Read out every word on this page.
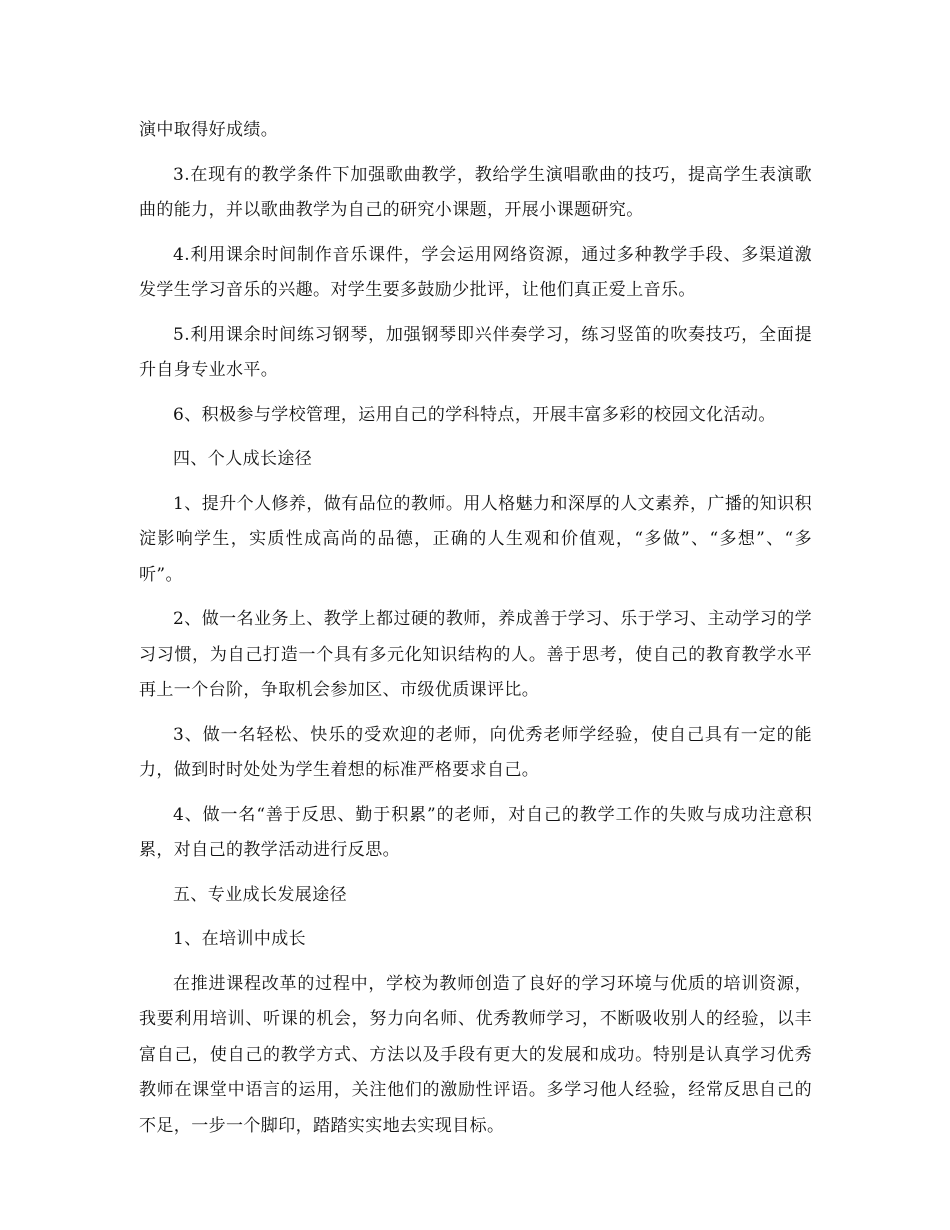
演中取得好成绩。

3.在现有的教学条件下加强歌曲教学，教给学生演唱歌曲的技巧，提高学生表演歌曲的能力，并以歌曲教学为自己的研究小课题，开展小课题研究。

4.利用课余时间制作音乐课件，学会运用网络资源，通过多种教学手段、多渠道激发学生学习音乐的兴趣。对学生要多鼓励少批评，让他们真正爱上音乐。

5.利用课余时间练习钢琴，加强钢琴即兴伴奏学习，练习竖笛的吹奏技巧，全面提升自身专业水平。

6、积极参与学校管理，运用自己的学科特点，开展丰富多彩的校园文化活动。

四、个人成长途径

1、提升个人修养，做有品位的教师。用人格魅力和深厚的人文素养，广播的知识积淀影响学生，实质性成高尚的品德，正确的人生观和价值观，“多做”、“多想”、“多听”。

2、做一名业务上、教学上都过硬的教师，养成善于学习、乐于学习、主动学习的学习习惯，为自己打造一个具有多元化知识结构的人。善于思考，使自己的教育教学水平再上一个台阶，争取机会参加区、市级优质课评比。

3、做一名轻松、快乐的受欢迎的老师，向优秀老师学经验，使自己具有一定的能力，做到时时处处为学生着想的标准严格要求自己。

4、做一名“善于反思、勤于积累”的老师，对自己的教学工作的失败与成功注意积累，对自己的教学活动进行反思。

五、专业成长发展途径

1、在培训中成长

在推进课程改革的过程中，学校为教师创造了良好的学习环境与优质的培训资源，我要利用培训、听课的机会，努力向名师、优秀教师学习，不断吸收别人的经验，以丰富自己，使自己的教学方式、方法以及手段有更大的发展和成功。特别是认真学习优秀教师在课堂中语言的运用，关注他们的激励性评语。多学习他人经验，经常反思自己的不足，一步一个脚印，踏踏实实地去实现目标。
